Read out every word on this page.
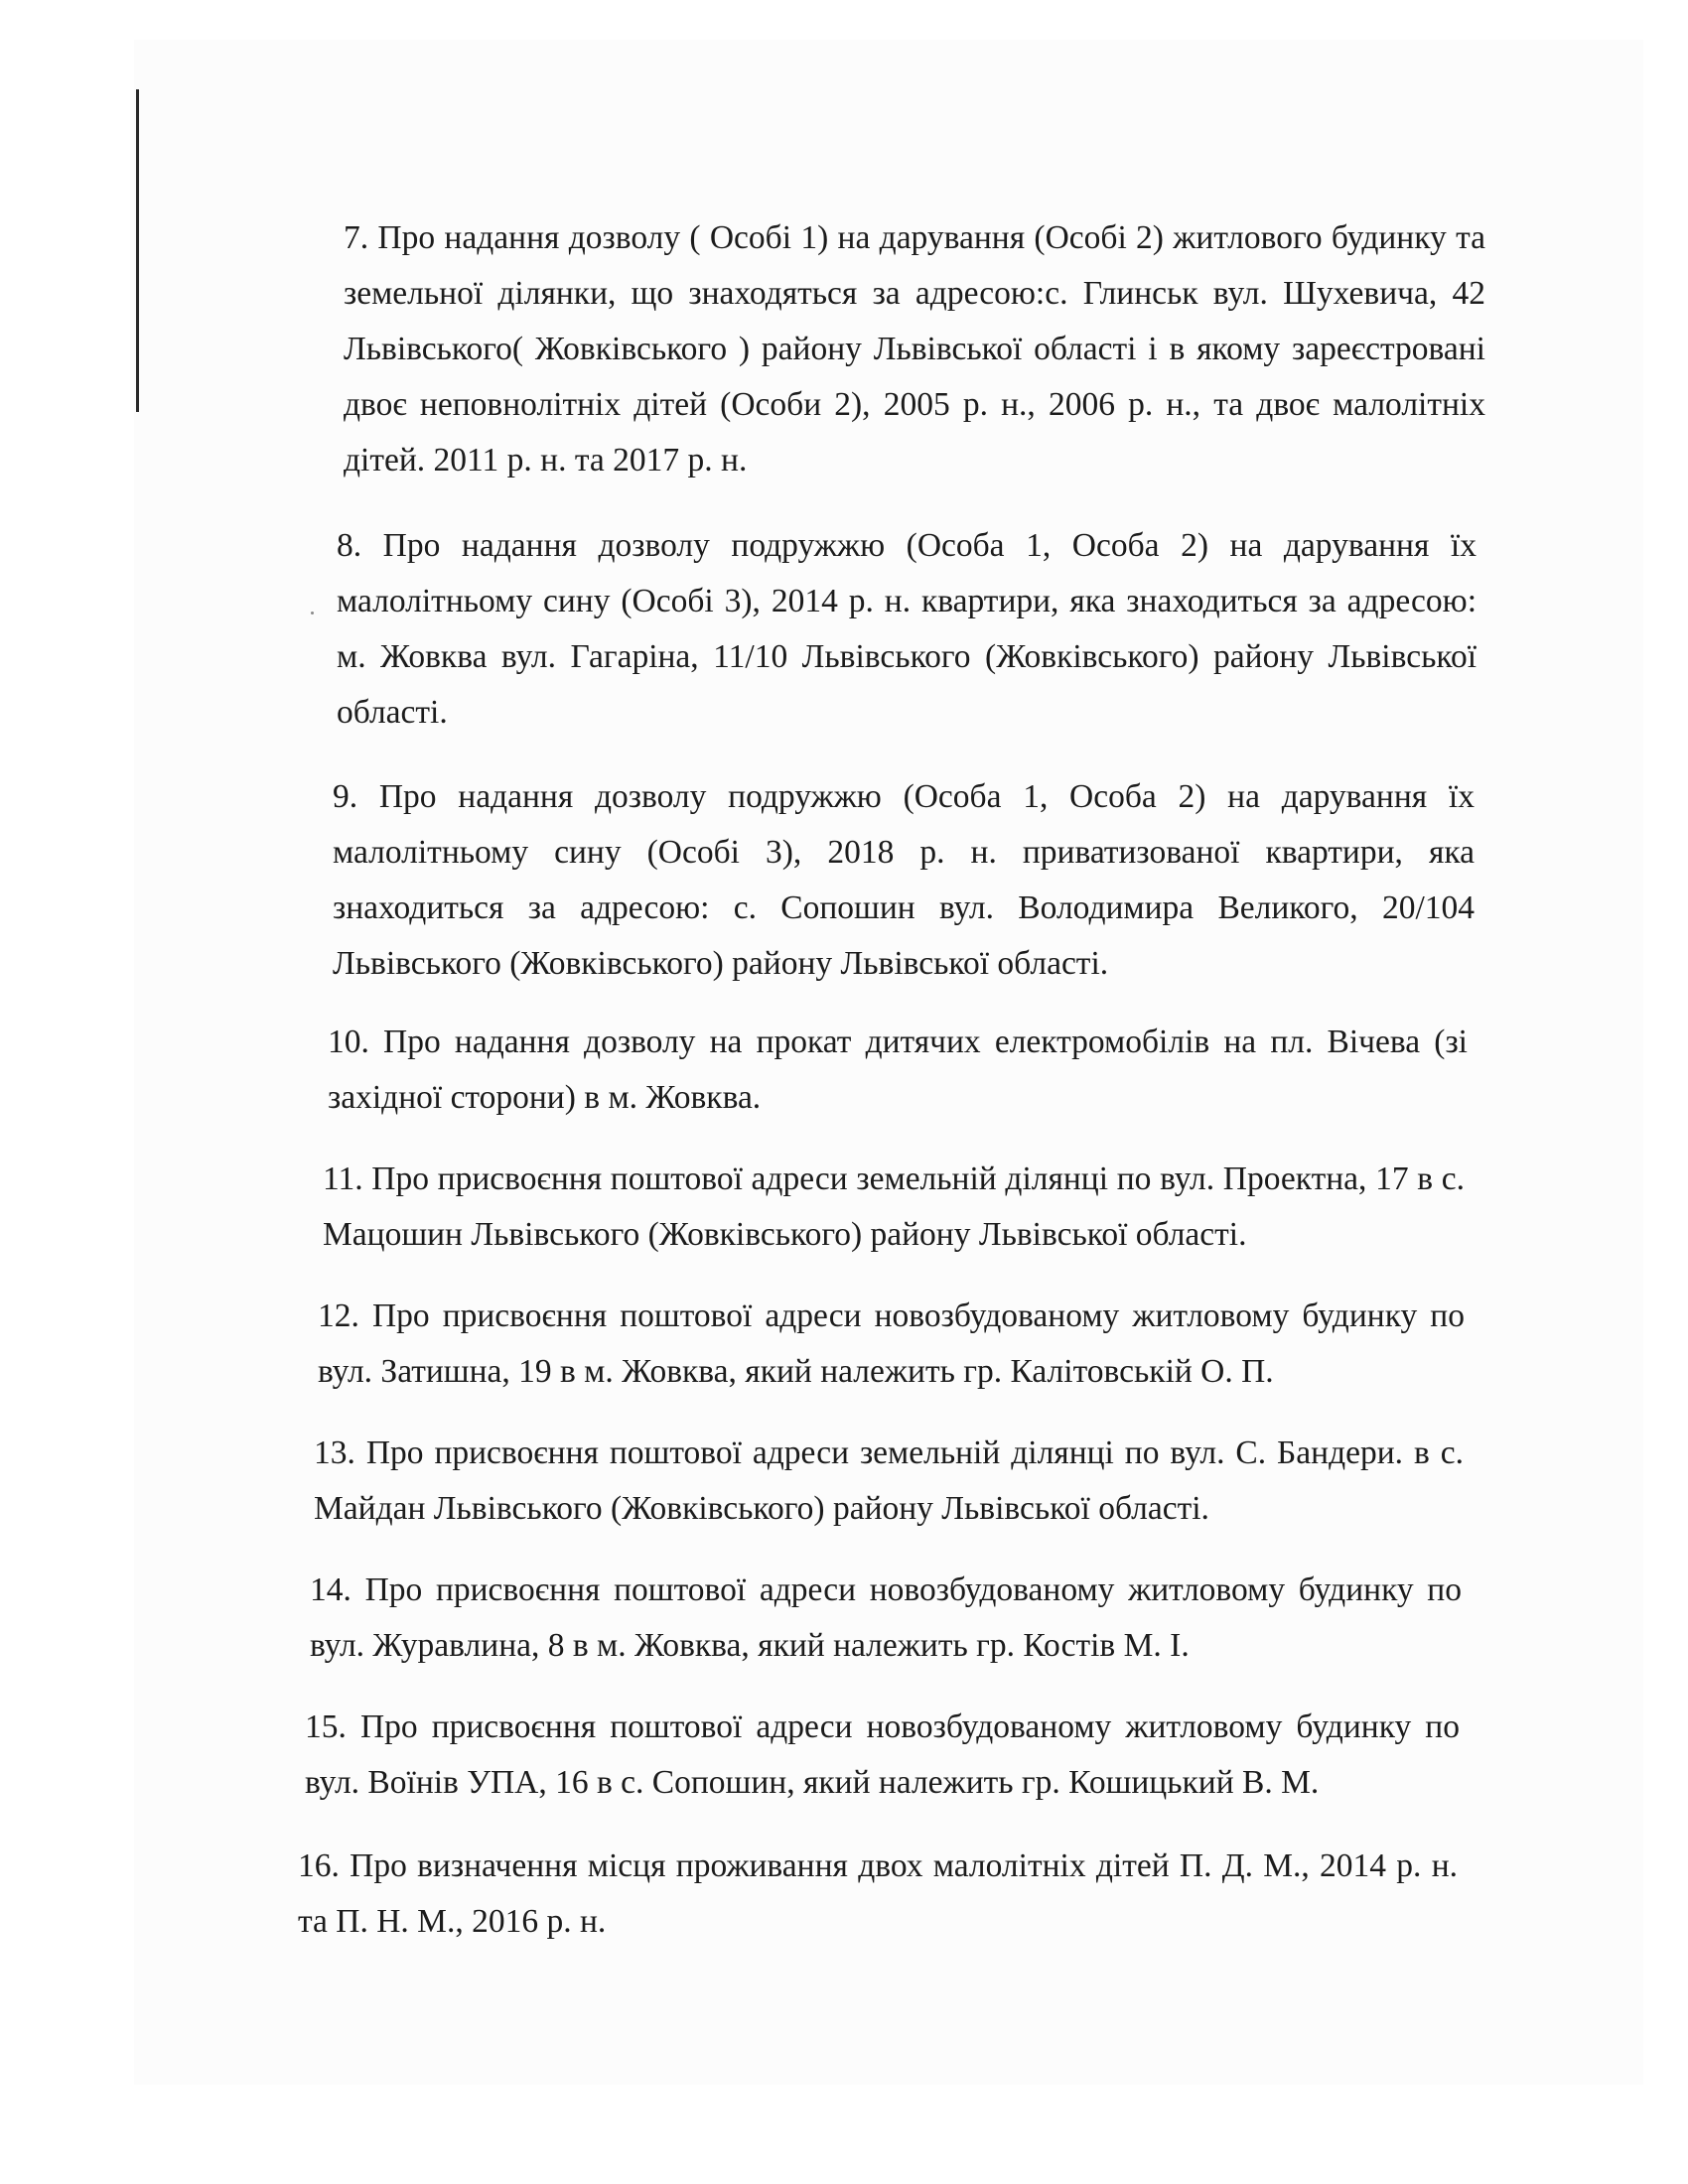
7. Про надання дозволу ( Особі 1) на дарування (Особі 2) житлового будинку та земельної ділянки, що знаходяться за адресою:с. Глинськ вул. Шухевича, 42 Львівського( Жовківського ) району Львівської області і в якому зареєстровані двоє неповнолітніх дітей (Особи 2), 2005 р. н., 2006 р. н., та двоє малолітніх дітей. 2011 р. н. та 2017 р. н.

8. Про надання дозволу подружжю (Особа 1, Особа 2) на дарування їх малолітньому сину (Особі 3), 2014 р. н. квартири, яка знаходиться за адресою: м. Жовква вул. Гагаріна, 11/10 Львівського (Жовківського) району Львівської області.

9. Про надання дозволу подружжю (Особа 1, Особа 2) на дарування їх малолітньому сину (Особі 3), 2018 р. н. приватизованої квартири, яка знаходиться за адресою: с. Сопошин вул. Володимира Великого, 20/104 Львівського (Жовківського) району Львівської області.

10. Про надання дозволу на прокат дитячих електромобілів на пл. Вічева (зі західної сторони) в м. Жовква.

11. Про присвоєння поштової адреси земельній ділянці по вул. Проектна, 17 в с. Мацошин Львівського (Жовківського) району Львівської області.

12. Про присвоєння поштової адреси новозбудованому житловому будинку по вул. Затишна, 19 в м. Жовква, який належить гр. Калітовській О. П.

13. Про присвоєння поштової адреси земельній ділянці по вул. С. Бандери. в с. Майдан Львівського (Жовківського) району Львівської області.

14. Про присвоєння поштової адреси новозбудованому житловому будинку по вул. Журавлина, 8 в м. Жовква, який належить гр. Костів М. І.

15. Про присвоєння поштової адреси новозбудованому житловому будинку по вул. Воїнів УПА, 16 в с. Сопошин, який належить гр. Кошицький В. М.

16. Про визначення місця проживання двох малолітніх дітей П. Д. М., 2014 р. н. та П. Н. М., 2016 р. н.
